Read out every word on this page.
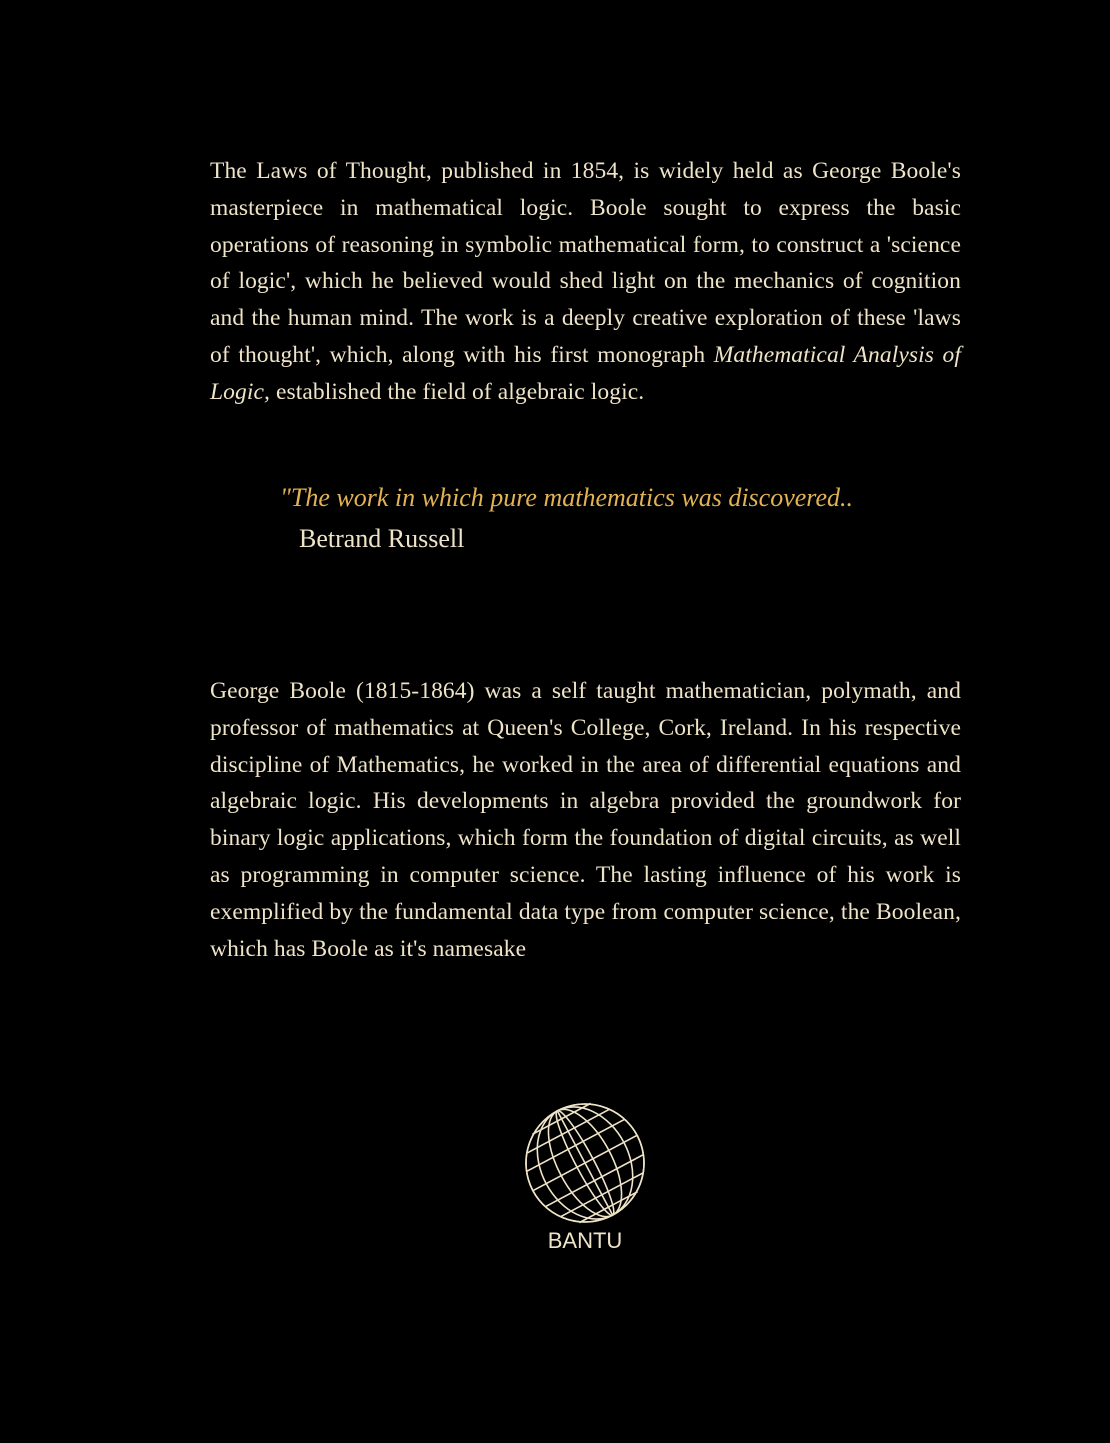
The Laws of Thought, published in 1854, is widely held as George Boole's masterpiece in mathematical logic. Boole sought to express the basic operations of reasoning in symbolic mathematical form, to construct a 'science of logic', which he believed would shed light on the mechanics of cognition and the human mind. The work is a deeply creative exploration of these 'laws of thought', which, along with his first monograph Mathematical Analysis of Logic, established the field of algebraic logic.

"The work in which pure mathematics was discovered..

Betrand Russell

George Boole (1815-1864) was a self taught mathematician, polymath, and professor of mathematics at Queen's College, Cork, Ireland. In his respective discipline of Mathematics, he worked in the area of differential equations and algebraic logic. His developments in algebra provided the groundwork for binary logic applications, which form the foundation of digital circuits, as well as programming in computer science. The lasting influence of his work is exemplified by the fundamental data type from computer science, the Boolean, which has Boole as it's namesake

BANTU
